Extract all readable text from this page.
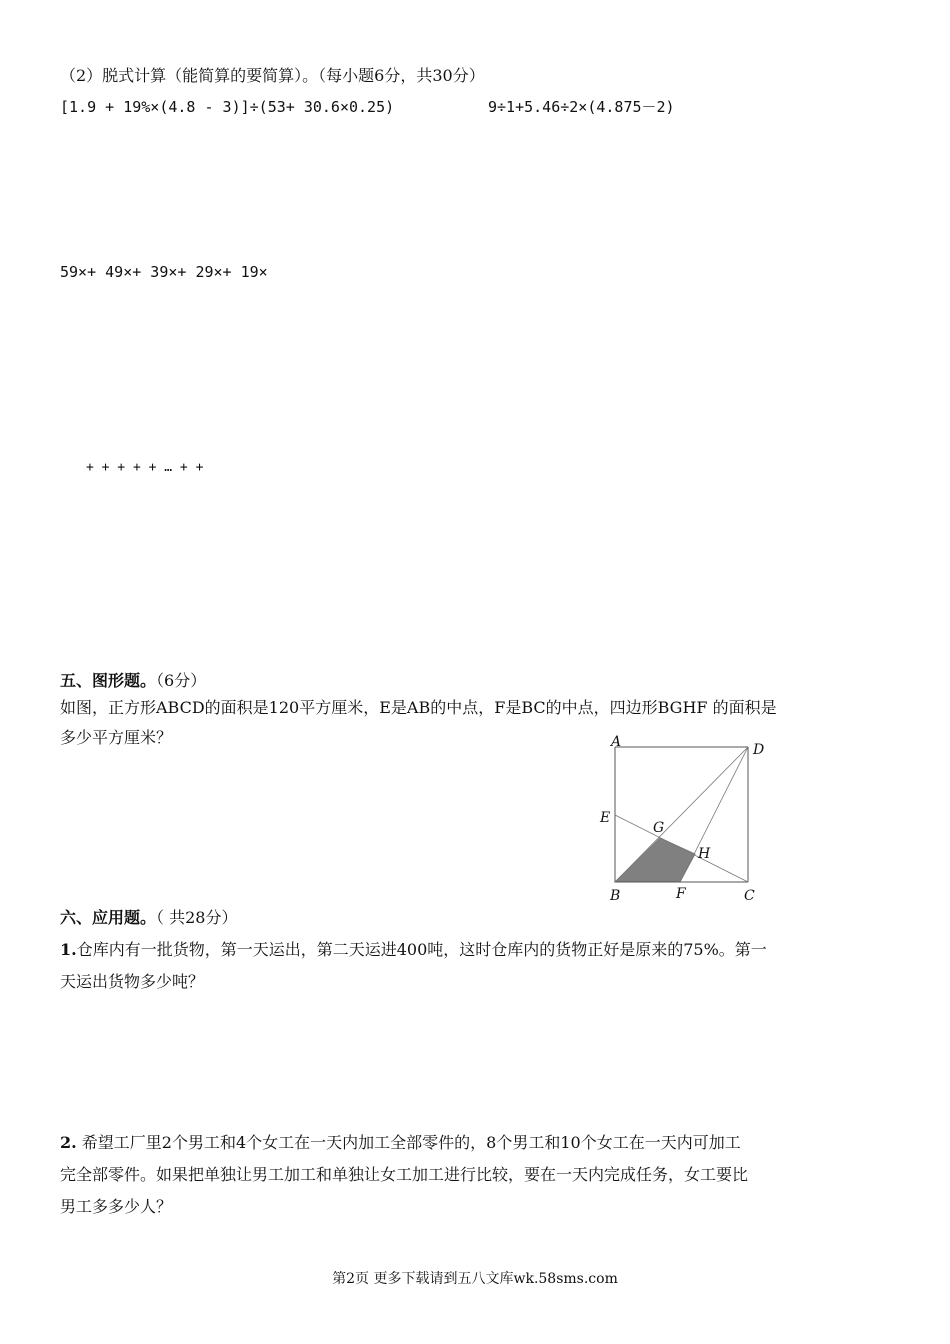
（2）脱式计算（能简算的要简算）。（每小题6分，共30分）
[1.9 + 19%×(4.8 - 3)]÷(53+ 30.6×0.25)	9÷1+5.46÷2×(4.875－2)
59×+ 49×+ 39×+ 29×+ 19×
+ + + + + … + +
五、图形题。（6分）
如图，正方形ABCD的面积是120平方厘米，E是AB的中点，F是BC的中点，四边形BGHF 的面积是
多少平方厘米？	A	D
E
G
H
B	F	C
六、应用题。（ 共28分）
1.仓库内有一批货物，第一天运出，第二天运进400吨，这时仓库内的货物正好是原来的75%。第一
天运出货物多少吨？
2. 希望工厂里2个男工和4个女工在一天内加工全部零件的，8个男工和10个女工在一天内可加工
完全部零件。如果把单独让男工加工和单独让女工加工进行比较，要在一天内完成任务，女工要比
男工多多少人？
第2页 更多下载请到五八文库wk.58sms.com
